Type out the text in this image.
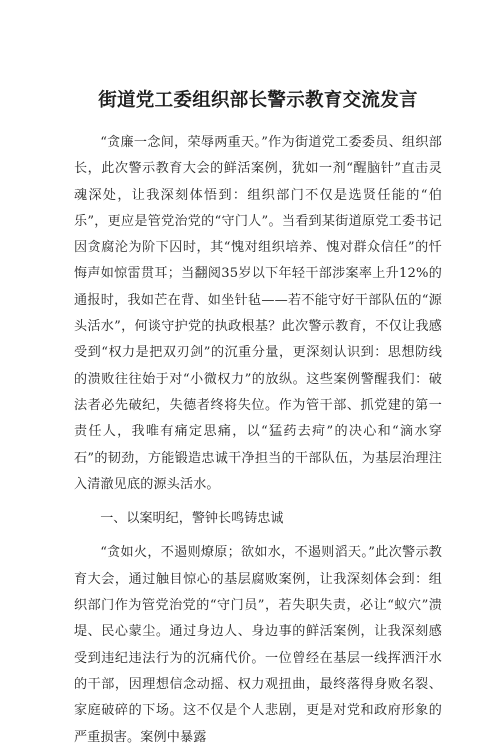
街道党工委组织部长警示教育交流发言

“贪廉一念间，荣辱两重天。”作为街道党工委委员、组织部长，此次警示教育大会的鲜活案例，犹如一剂“醒脑针”直击灵魂深处，让我深刻体悟到：组织部门不仅是选贤任能的“伯乐”，更应是管党治党的“守门人”。当看到某街道原党工委书记因贪腐沦为阶下囚时，其“愧对组织培养、愧对群众信任”的忏悔声如惊雷贯耳；当翻阅35岁以下年轻干部涉案率上升12%的通报时，我如芒在背、如坐针毡——若不能守好干部队伍的“源头活水”，何谈守护党的执政根基？此次警示教育，不仅让我感受到“权力是把双刃剑”的沉重分量，更深刻认识到：思想防线的溃败往往始于对“小微权力”的放纵。这些案例警醒我们：破法者必先破纪，失德者终将失位。作为管干部、抓党建的第一责任人，我唯有痛定思痛，以“猛药去疴”的决心和“滴水穿石”的韧劲，方能锻造忠诚干净担当的干部队伍，为基层治理注入清澈见底的源头活水。

一、以案明纪，警钟长鸣铸忠诚

“贪如火，不遏则燎原；欲如水，不遏则滔天。”此次警示教育大会，通过触目惊心的基层腐败案例，让我深刻体会到：组织部门作为管党治党的“守门员”，若失职失责，必让“蚁穴”溃堤、民心蒙尘。通过身边人、身边事的鲜活案例，让我深刻感受到违纪违法行为的沉痛代价。一位曾经在基层一线挥洒汗水的干部，因理想信念动摇、权力观扭曲，最终落得身败名裂、家庭破碎的下场。这不仅是个人悲剧，更是对党和政府形象的严重损害。案例中暴露
